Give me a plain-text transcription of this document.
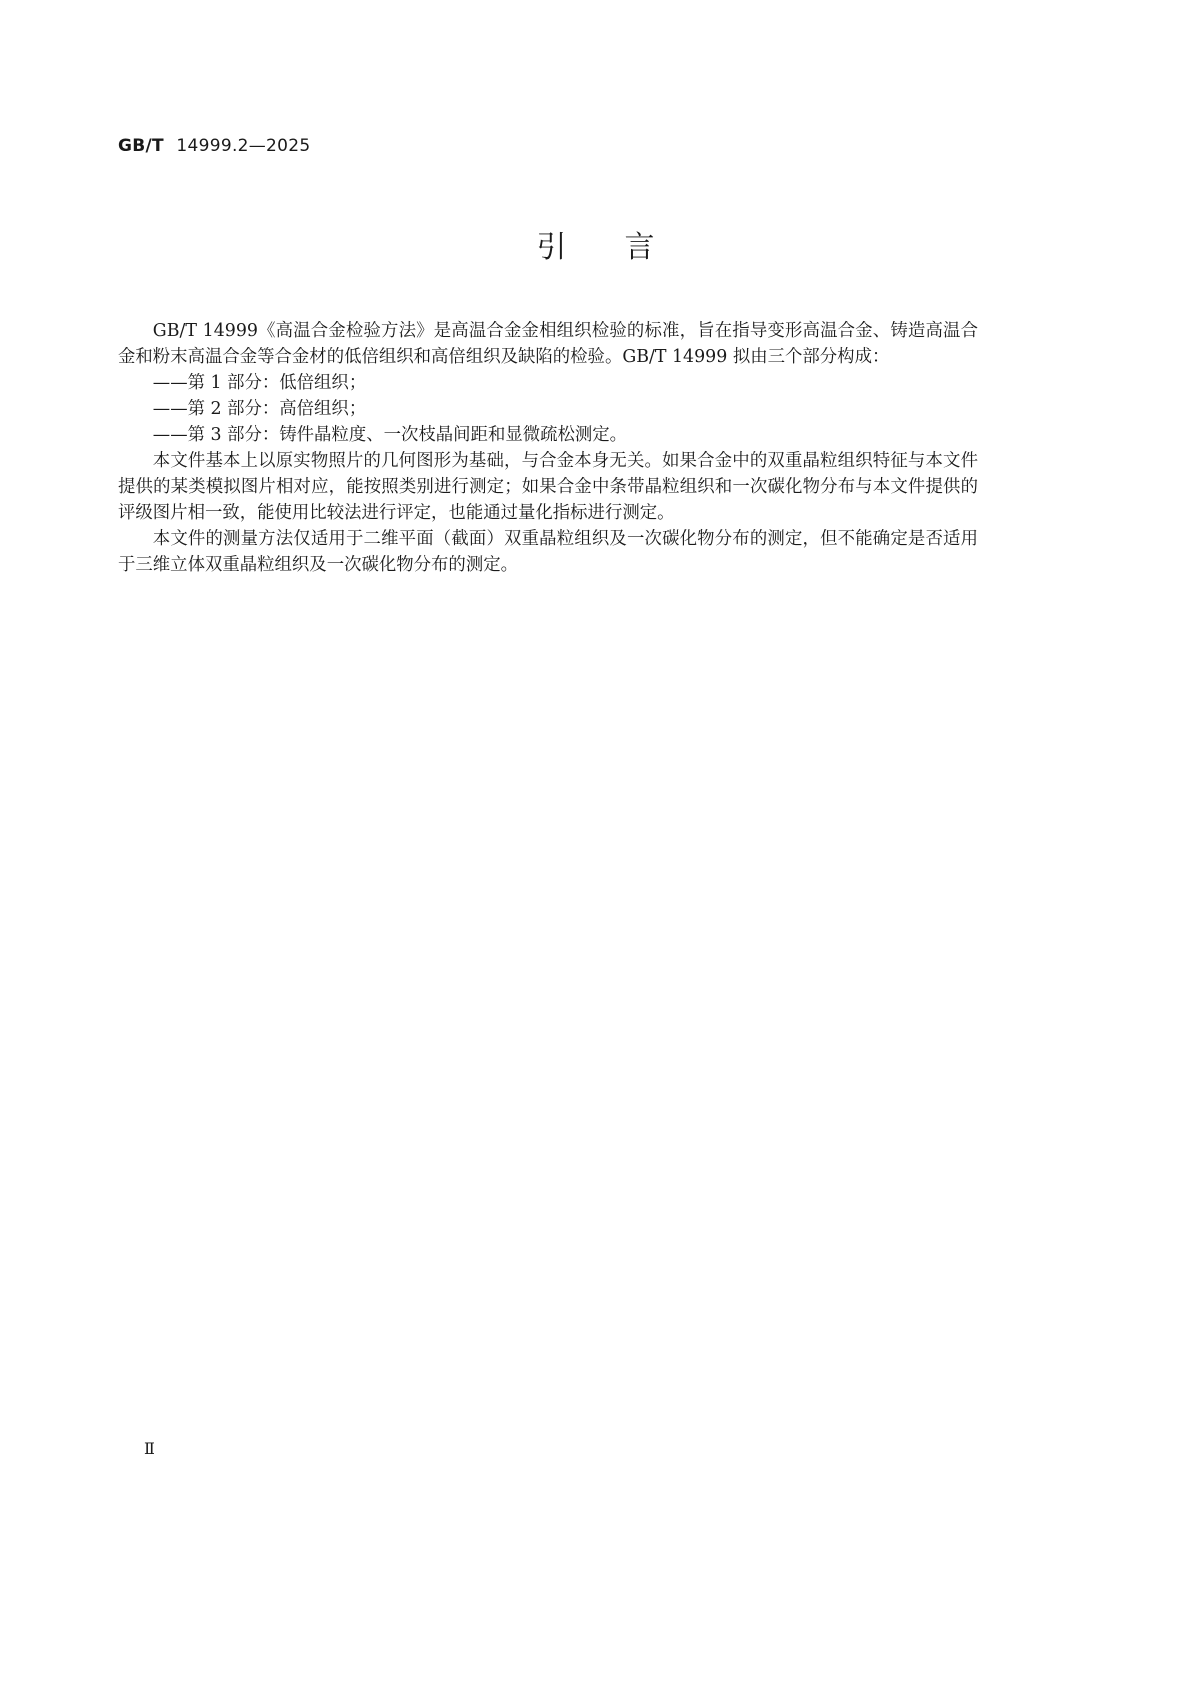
GB/T 14999.2—2025
引言

GB/T 14999《高温合金检验方法》是高温合金金相组织检验的标准，旨在指导变形高温合金、铸造高温合金和粉末高温合金等合金材的低倍组织和高倍组织及缺陷的检验。GB/T 14999 拟由三个部分构成：

——第 1 部分：低倍组织；

——第 2 部分：高倍组织；

——第 3 部分：铸件晶粒度、一次枝晶间距和显微疏松测定。

本文件基本上以原实物照片的几何图形为基础，与合金本身无关。如果合金中的双重晶粒组织特征与本文件提供的某类模拟图片相对应，能按照类别进行测定；如果合金中条带晶粒组织和一次碳化物分布与本文件提供的评级图片相一致，能使用比较法进行评定，也能通过量化指标进行测定。

本文件的测量方法仅适用于二维平面（截面）双重晶粒组织及一次碳化物分布的测定，但不能确定是否适用于三维立体双重晶粒组织及一次碳化物分布的测定。

Ⅱ
